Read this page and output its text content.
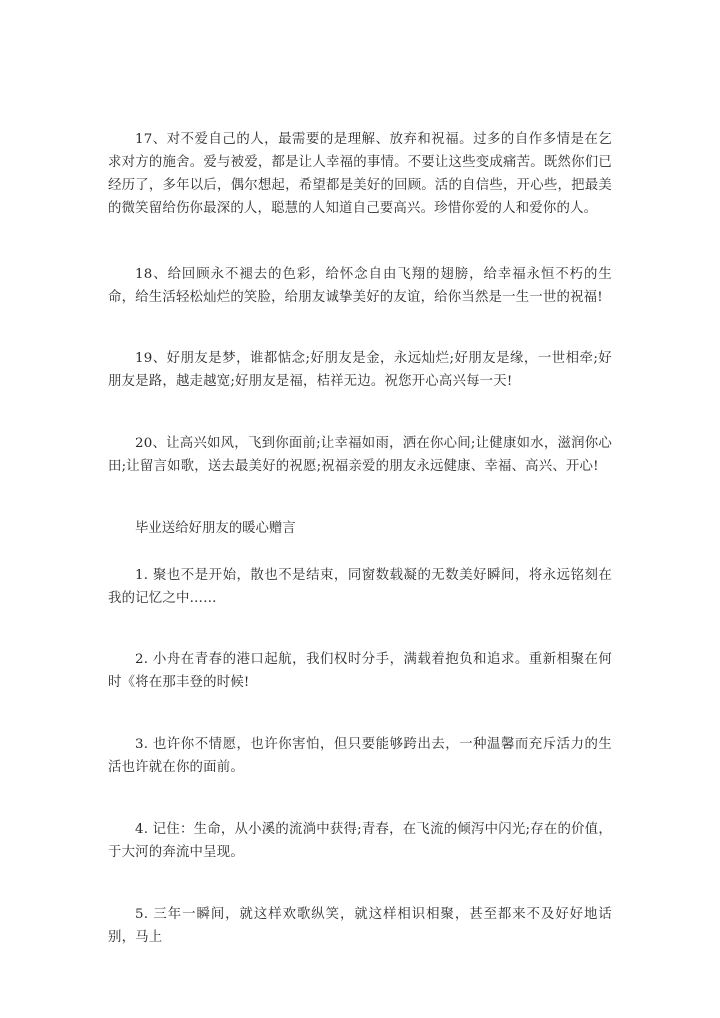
17、对不爱自己的人，最需要的是理解、放弃和祝福。过多的自作多情是在乞求对方的施舍。爱与被爱，都是让人幸福的事情。不要让这些变成痛苦。既然你们已经历了，多年以后，偶尔想起，希望都是美好的回顾。活的自信些，开心些，把最美的微笑留给伤你最深的人，聪慧的人知道自己要高兴。珍惜你爱的人和爱你的人。

18、给回顾永不褪去的色彩，给怀念自由飞翔的翅膀，给幸福永恒不朽的生命，给生活轻松灿烂的笑脸，给朋友诚挚美好的友谊，给你当然是一生一世的祝福!

19、好朋友是梦，谁都惦念;好朋友是金，永远灿烂;好朋友是缘，一世相牵;好朋友是路，越走越宽;好朋友是福，桔祥无边。祝您开心高兴每一天!

20、让高兴如风，飞到你面前;让幸福如雨，洒在你心间;让健康如水，滋润你心田;让留言如歌，送去最美好的祝愿;祝福亲爱的朋友永远健康、幸福、高兴、开心!

毕业送给好朋友的暖心赠言

1. 聚也不是开始，散也不是结束，同窗数载凝的无数美好瞬间，将永远铭刻在我的记忆之中……

2. 小舟在青春的港口起航，我们权时分手，满载着抱负和追求。重新相聚在何时《将在那丰登的时候!

3. 也许你不情愿，也许你害怕，但只要能够跨出去，一种温馨而充斥活力的生活也许就在你的面前。

4. 记住：生命，从小溪的流淌中获得;青春，在飞流的倾泻中闪光;存在的价值，于大河的奔流中呈现。

5. 三年一瞬间，就这样欢歌纵笑，就这样相识相聚，甚至都来不及好好地话别，马上
